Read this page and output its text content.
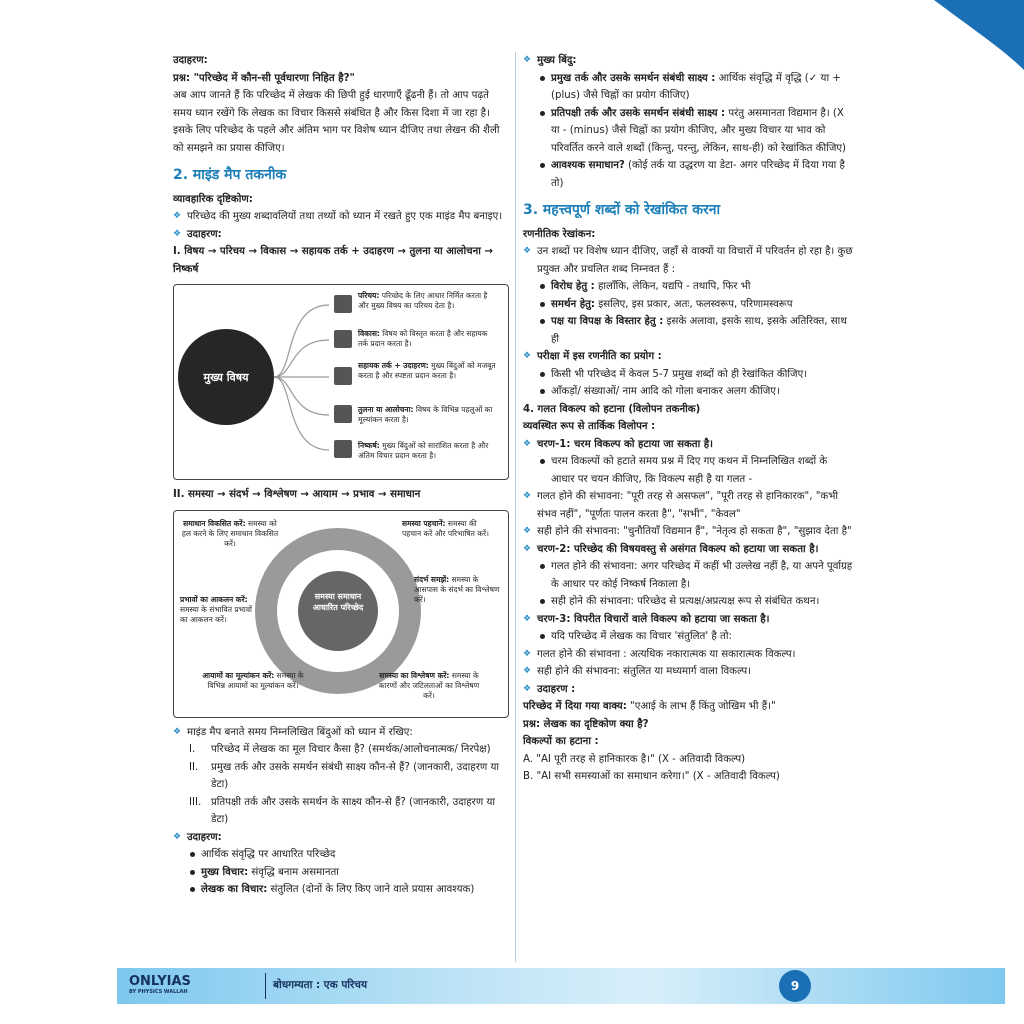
उदाहरण:

प्रश्न: "परिच्छेद में कौन-सी पूर्वधारणा निहित है?"

अब आप जानते हैं कि परिच्छेद में लेखक की छिपी हुई धारणाएँ ढूँढनी हैं। तो आप पढ़ते समय ध्यान रखेंगे कि लेखक का विचार किससे संबंधित है और किस दिशा में जा रहा है। इसके लिए परिच्छेद के पहले और अंतिम भाग पर विशेष ध्यान दीजिए तथा लेखन की शैली को समझने का प्रयास कीजिए।

2. माइंड मैप तकनीक

व्यावहारिक दृष्टिकोण:

❖ परिच्छेद की मुख्य शब्दावलियों तथा तथ्यों को ध्यान में रखते हुए एक माइंड मैप बनाइए।

❖ उदाहरण:

I. विषय → परिचय → विकास → सहायक तर्क + उदाहरण → तुलना या आलोचना → निष्कर्ष

मुख्य विषय
परिचय: परिच्छेद के लिए आधार निर्मित करता है और मुख्य विषय का परिचय देता है।
विकास: विषय को विस्तृत करता है और सहायक तर्क प्रदान करता है।
सहायक तर्क + उदाहरण: मुख्य बिंदुओं को मजबूत करता है और स्पष्टता प्रदान करता है।
तुलना या आलोचना: विषय के विभिन्न पहलुओं का मूल्यांकन करता है।
निष्कर्ष: मुख्य बिंदुओं को सारांशित करता है और अंतिम विचार प्रदान करता है।

II. समस्या → संदर्भ → विश्लेषण → आयाम → प्रभाव → समाधान

समस्या समाधान आधारित परिच्छेद
समाधान विकसित करें: समस्या को हल करने के लिए समाधान विकसित करें।
समस्या पहचानें: समस्या की पहचान करें और परिभाषित करें।
संदर्भ समझें: समस्या के आसपास के संदर्भ का विश्लेषण करें।
प्रभावों का आकलन करें: समस्या के संभावित प्रभावों का आकलन करें।
आयामों का मूल्यांकन करें: समस्या के विभिन्न आयामों का मूल्यांकन करें।
समस्या का विश्लेषण करें: समस्या के कारणों और जटिलताओं का विश्लेषण करें।

❖ माइंड मैप बनाते समय निम्नलिखित बिंदुओं को ध्यान में रखिए:

I.	परिच्छेद में लेखक का मूल विचार कैसा है? (समर्थक/आलोचनात्मक/ निरपेक्ष)
II.	प्रमुख तर्क और उसके समर्थन संबंधी साक्ष्य कौन-से हैं? (जानकारी, उदाहरण या डेटा)
III. प्रतिपक्षी तर्क और उसके समर्थन के साक्ष्य कौन-से हैं? (जानकारी, उदाहरण या डेटा)

❖ उदाहरण:

आर्थिक संवृद्धि पर आधारित परिच्छेद

मुख्य विचार: संवृद्धि बनाम असमानता

लेखक का विचार: संतुलित (दोनों के लिए किए जाने वाले प्रयास आवश्यक)

❖ मुख्य बिंदु:

प्रमुख तर्क और उसके समर्थन संबंधी साक्ष्य : आर्थिक संवृद्धि में वृद्धि (✓ या +(plus) जैसे चिह्नों का प्रयोग कीजिए)

प्रतिपक्षी तर्क और उसके समर्थन संबंधी साक्ष्य : परंतु असमानता विद्यमान है। (X या - (minus) जैसे चिह्नों का प्रयोग कीजिए, और मुख्य विचार या भाव को परिवर्तित करने वाले शब्दों (किन्तु, परन्तु, लेकिन, साथ-ही) को रेखांकित कीजिए)

आवश्यक समाधान? (कोई तर्क या उद्धरण या डेटा- अगर परिच्छेद में दिया गया है तो)

3. महत्त्वपूर्ण शब्दों को रेखांकित करना

रणनीतिक रेखांकन:

❖ उन शब्दों पर विशेष ध्यान दीजिए, जहाँ से वाक्यों या विचारों में परिवर्तन हो रहा है। कुछ प्रयुक्त और प्रचलित शब्द निम्नवत हैं :

विरोध हेतु : हालाँकि, लेकिन, यद्यपि - तथापि, फिर भी

समर्थन हेतु: इसलिए, इस प्रकार, अतः, फलस्वरूप, परिणामस्वरूप

पक्ष या विपक्ष के विस्तार हेतु : इसके अलावा, इसके साथ, इसके अतिरिक्त, साथ ही

❖ परीक्षा में इस रणनीति का प्रयोग :

किसी भी परिच्छेद में केवल 5-7 प्रमुख शब्दों को ही रेखांकित कीजिए।

आँकड़ों/ संख्याओं/ नाम आदि को गोला बनाकर अलग कीजिए।

4. गलत विकल्प को हटाना (विलोपन तकनीक)

व्यवस्थित रूप से तार्किक विलोपन :

❖ चरण-1: चरम विकल्प को हटाया जा सकता है।

चरम विकल्पों को हटाते समय प्रश्न में दिए गए कथन में निम्नलिखित शब्दों के आधार पर चयन कीजिए, कि विकल्प सही है या गलत -

❖ गलत होने की संभावना: "पूरी तरह से असफल", "पूरी तरह से हानिकारक", "कभी संभव नहीं", "पूर्णतः पालन करता है", "सभी", "केवल"

❖ सही होने की संभावना: "चुनौतियाँ विद्यमान हैं", "नेतृत्व हो सकता है", "सुझाव देता है"

❖ चरण-2: परिच्छेद की विषयवस्तु से असंगत विकल्प को हटाया जा सकता है।

गलत होने की संभावना: अगर परिच्छेद में कहीं भी उल्लेख नहीं है, या अपने पूर्वाग्रह के आधार पर कोई निष्कर्ष निकाला है।

सही होने की संभावना: परिच्छेद से प्रत्यक्ष/अप्रत्यक्ष रूप से संबंधित कथन।

❖ चरण-3: विपरीत विचारों वाले विकल्प को हटाया जा सकता है।

यदि परिच्छेद में लेखक का विचार 'संतुलित' है तो:

❖ गलत होने की संभावना : अत्यधिक नकारात्मक या सकारात्मक विकल्प।

❖ सही होने की संभावना: संतुलित या मध्यमार्ग वाला विकल्प।

❖ उदाहरण :

परिच्छेद में दिया गया वाक्य: "एआई के लाभ हैं किंतु जोखिम भी हैं।"

प्रश्न: लेखक का दृष्टिकोण क्या है?

विकल्पों का हटाना :

A. "AI पूरी तरह से हानिकारक है।" (X - अतिवादी विकल्प)

B. "AI सभी समस्याओं का समाधान करेगा।" (X - अतिवादी विकल्प)

ONLYIAS
BY PHYSICS WALLAH
बोधगम्यता : एक परिचय	9
